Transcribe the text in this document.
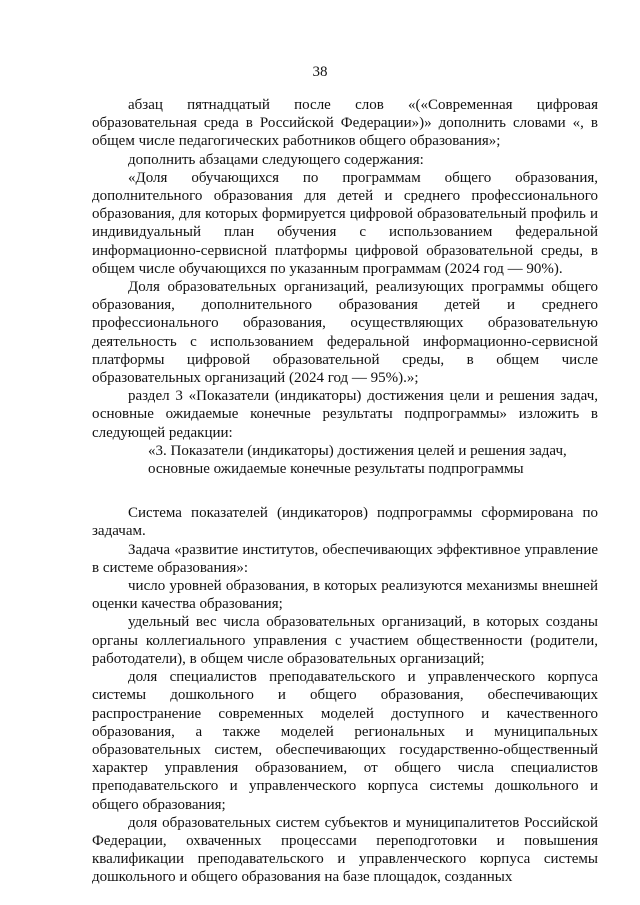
38

абзац пятнадцатый после слов «(«Современная цифровая образовательная среда в Российской Федерации»)» дополнить словами «, в общем числе педагогических работников общего образования»;

дополнить абзацами следующего содержания:

«Доля обучающихся по программам общего образования, дополнительного образования для детей и среднего профессионального образования, для которых формируется цифровой образовательный профиль и индивидуальный план обучения с использованием федеральной информационно-сервисной платформы цифровой образовательной среды, в общем числе обучающихся по указанным программам (2024 год — 90%).

Доля образовательных организаций, реализующих программы общего образования, дополнительного образования детей и среднего профессионального образования, осуществляющих образовательную деятельность с использованием федеральной информационно-сервисной платформы цифровой образовательной среды, в общем числе образовательных организаций (2024 год — 95%).»;

раздел 3 «Показатели (индикаторы) достижения цели и решения задач, основные ожидаемые конечные результаты подпрограммы» изложить в следующей редакции:

«3. Показатели (индикаторы) достижения целей и решения задач, основные ожидаемые конечные результаты подпрограммы

Система показателей (индикаторов) подпрограммы сформирована по задачам.

Задача «развитие институтов, обеспечивающих эффективное управление в системе образования»:

число уровней образования, в которых реализуются механизмы внешней оценки качества образования;

удельный вес числа образовательных организаций, в которых созданы органы коллегиального управления с участием общественности (родители, работодатели), в общем числе образовательных организаций;

доля специалистов преподавательского и управленческого корпуса системы дошкольного и общего образования, обеспечивающих распространение современных моделей доступного и качественного образования, а также моделей региональных и муниципальных образовательных систем, обеспечивающих государственно-общественный характер управления образованием, от общего числа специалистов преподавательского и управленческого корпуса системы дошкольного и общего образования;

доля образовательных систем субъектов и муниципалитетов Российской Федерации, охваченных процессами переподготовки и повышения квалификации преподавательского и управленческого корпуса системы дошкольного и общего образования на базе площадок, созданных
